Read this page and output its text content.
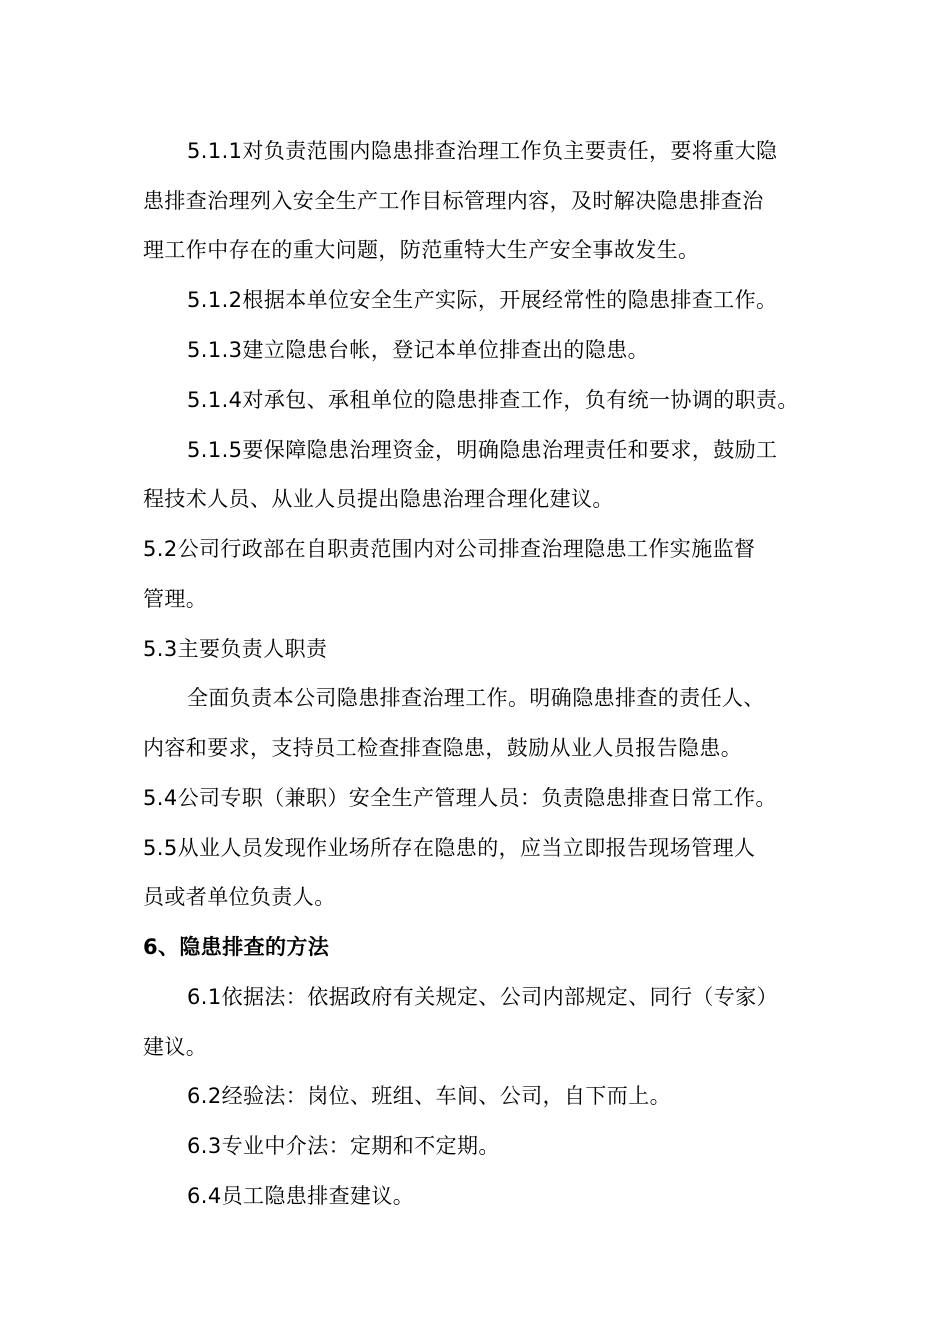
5.1.1对负责范围内隐患排查治理工作负主要责任，要将重大隐
患排查治理列入安全生产工作目标管理内容，及时解决隐患排查治
理工作中存在的重大问题，防范重特大生产安全事故发生。
5.1.2根据本单位安全生产实际，开展经常性的隐患排查工作。
5.1.3建立隐患台帐，登记本单位排查出的隐患。
5.1.4对承包、承租单位的隐患排查工作，负有统一协调的职责。
5.1.5要保障隐患治理资金，明确隐患治理责任和要求，鼓励工
程技术人员、从业人员提出隐患治理合理化建议。
5.2公司行政部在自职责范围内对公司排查治理隐患工作实施监督
管理。
5.3主要负责人职责
全面负责本公司隐患排查治理工作。明确隐患排查的责任人、
内容和要求，支持员工检查排查隐患，鼓励从业人员报告隐患。
5.4公司专职（兼职）安全生产管理人员：负责隐患排查日常工作。
5.5从业人员发现作业场所存在隐患的，应当立即报告现场管理人
员或者单位负责人。
6、隐患排查的方法
6.1依据法：依据政府有关规定、公司内部规定、同行（专家）
建议。
6.2经验法：岗位、班组、车间、公司，自下而上。
6.3专业中介法：定期和不定期。
6.4员工隐患排查建议。
